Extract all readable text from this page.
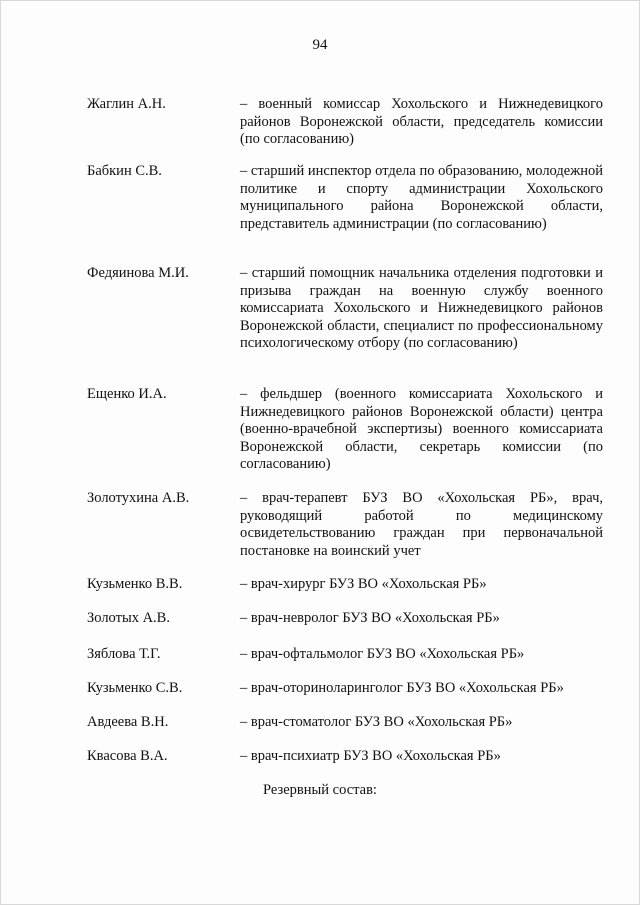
94
Жаглин А.Н.	– военный комиссар Хохольского и Нижнедевицкого районов Воронежской области, председатель комиссии (по согласованию)
Бабкин С.В.	– старший инспектор отдела по образованию, молодежной политике и спорту администрации Хохольского муниципального района Воронежской области, представитель администрации (по согласованию)
Федяинова М.И.	– старший помощник начальника отделения подготовки и призыва граждан на военную службу военного комиссариата Хохольского и Нижнедевицкого районов Воронежской области, специалист по профессиональному психологическому отбору (по согласованию)
Ещенко И.А.	– фельдшер (военного комиссариата Хохольского и Нижнедевицкого районов Воронежской области) центра (военно-врачебной экспертизы) военного комиссариата Воронежской области, секретарь комиссии (по согласованию)
Золотухина А.В.	– врач-терапевт БУЗ ВО «Хохольская РБ», врач, руководящий работой по медицинскому освидетельствованию граждан при первоначальной постановке на воинский учет
Кузьменко В.В.	– врач-хирург БУЗ ВО «Хохольская РБ»
Золотых А.В.	– врач-невролог БУЗ ВО «Хохольская РБ»
Зяблова Т.Г.	– врач-офтальмолог БУЗ ВО «Хохольская РБ»
Кузьменко С.В.	– врач-оториноларинголог БУЗ ВО «Хохольская РБ»
Авдеева В.Н.	– врач-стоматолог БУЗ ВО «Хохольская РБ»
Квасова В.А.	– врач-психиатр БУЗ ВО «Хохольская РБ»
Резервный состав:
